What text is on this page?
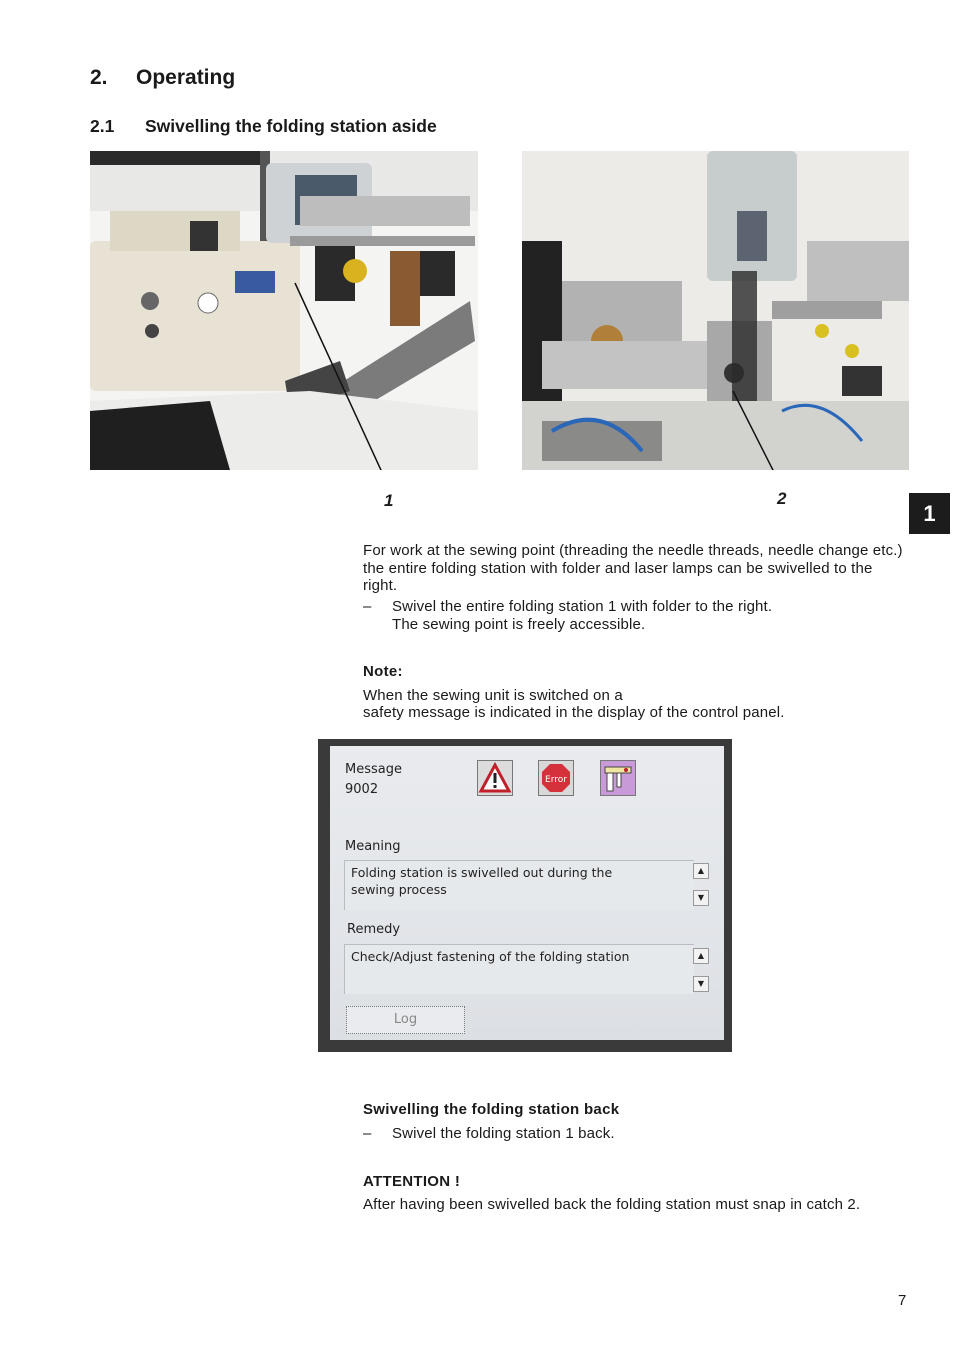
2. Operating
2.1 Swivelling the folding station aside
1	2
1
For work at the sewing point (threading the needle threads, needle change etc.) the entire folding station with folder and laser lamps can be swivelled to the right.
– Swivel the entire folding station 1 with folder to the right.
The sewing point is freely accessible.
Note:
When the sewing unit is switched on a
safety message is indicated in the display of the control panel.
Message
9002
Error
Meaning
Folding station is swivelled out during the sewing process
▲
▼
Remedy
Check/Adjust fastening of the folding station	▲
▼
Log
Swivelling the folding station back
– Swivel the folding station 1 back.
ATTENTION !
After having been swivelled back the folding station must snap in catch 2.
7
